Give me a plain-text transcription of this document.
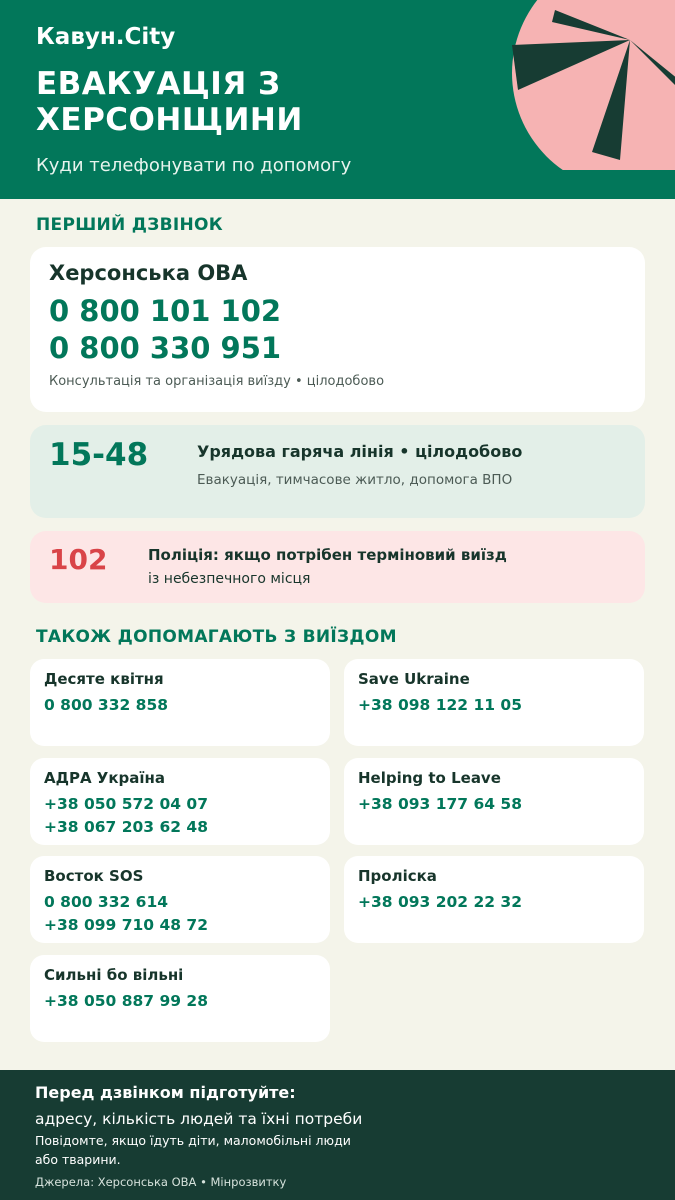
Кавун.City
ЕВАКУАЦІЯ З
ХЕРСОНЩИНИ
Куди телефонувати по допомогу
ПЕРШИЙ ДЗВІНОК
Херсонська ОВА
0 800 101 102
0 800 330 951
Консультація та організація виїзду • цілодобово
15-48	Урядова гаряча лінія • цілодобово
Евакуація, тимчасове житло, допомога ВПО
102	Поліція: якщо потрібен терміновий виїзд
із небезпечного місця
ТАКОЖ ДОПОМАГАЮТЬ З ВИЇЗДОМ
Десяте квітня
0 800 332 858
Save Ukraine
+38 098 122 11 05
АДРА Україна
+38 050 572 04 07
+38 067 203 62 48
Helping to Leave
+38 093 177 64 58
Восток SOS
0 800 332 614
+38 099 710 48 72
Проліска
+38 093 202 22 32
Сильні бо вільні
+38 050 887 99 28
Перед дзвінком підготуйте:
адресу, кількість людей та їхні потреби
Повідомте, якщо їдуть діти, маломобільні люди або тварини.
Джерела: Херсонська ОВА • Мінрозвитку
